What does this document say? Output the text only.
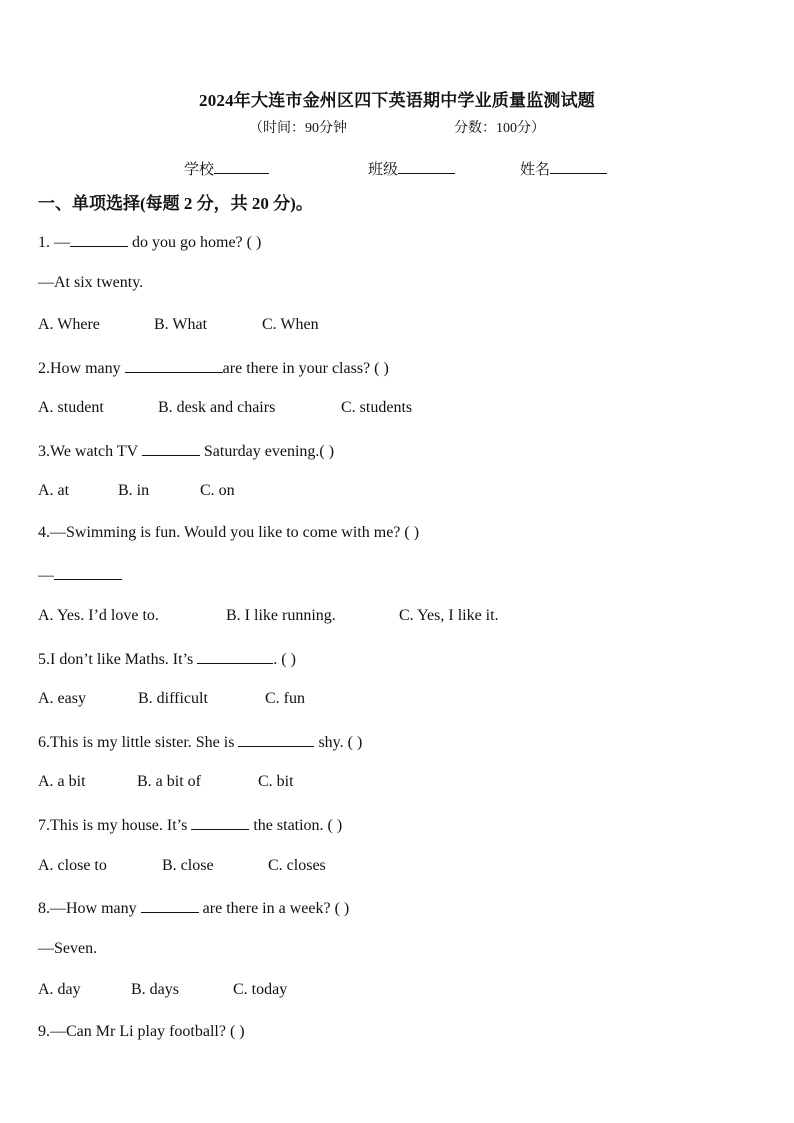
2024年大连市金州区四下英语期中学业质量监测试题
（时间：90分钟	分数：100分）
学校	班级	姓名
一、单项选择(每题 2 分，共 20 分)。
1. —	do you go home? ( )
—At six twenty.
A. Where	B. What	C. When
2.How many	are there in your class? ( )
A. student	B. desk and chairs	C. students
3.We watch TV	Saturday evening.( )
A. at	B. in	C. on
4.—Swimming is fun. Would you like to come with me? ( )
—
A. Yes. I’d love to.	B. I like running.	C. Yes, I like it.
5.I don’t like Maths. It’s	. ( )
A. easy	B. difficult	C. fun
6.This is my little sister. She is	shy. ( )
A. a bit	B. a bit of	C. bit
7.This is my house. It’s	the station. ( )
A. close to	B. close	C. closes
8.—How many	are there in a week? ( )
—Seven.
A. day	B. days	C. today
9.—Can Mr Li play football? ( )
